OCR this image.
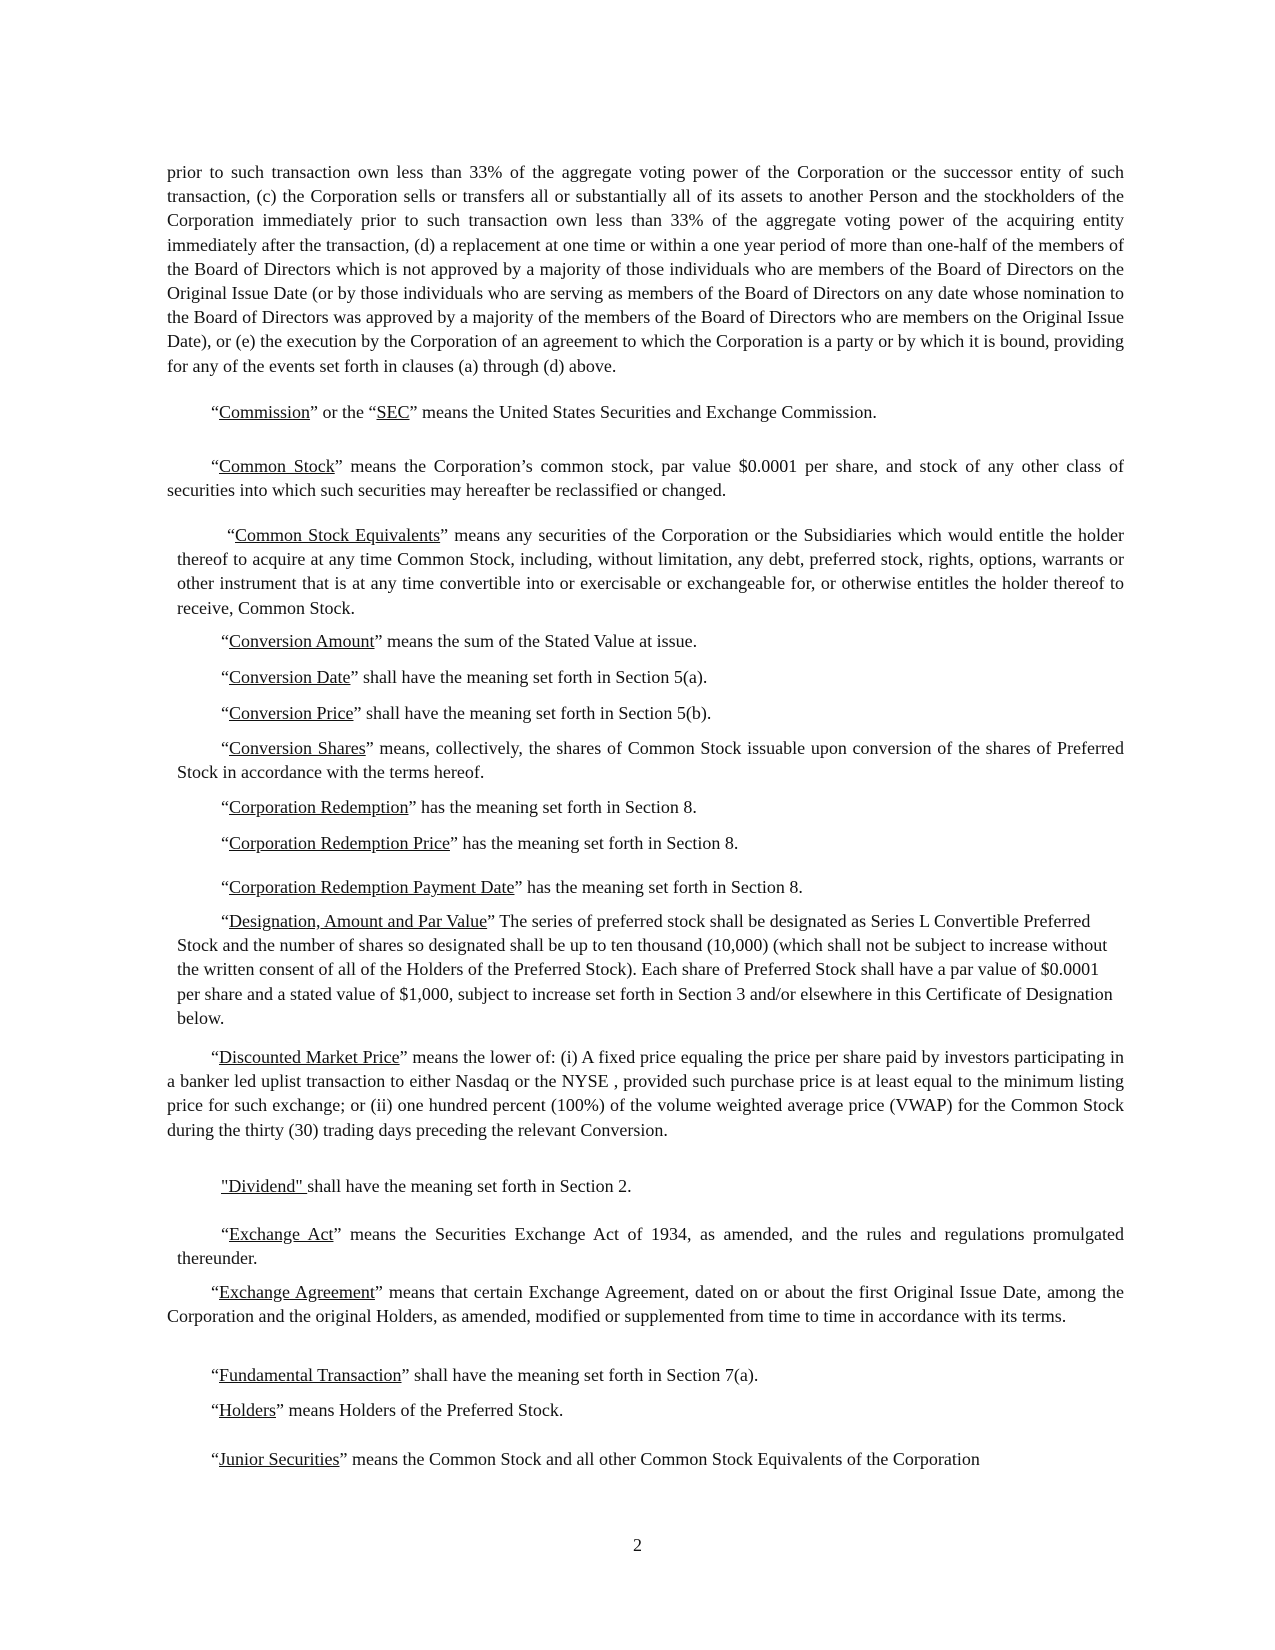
prior to such transaction own less than 33% of the aggregate voting power of the Corporation or the successor entity of such transaction, (c) the Corporation sells or transfers all or substantially all of its assets to another Person and the stockholders of the Corporation immediately prior to such transaction own less than 33% of the aggregate voting power of the acquiring entity immediately after the transaction, (d) a replacement at one time or within a one year period of more than one-half of the members of the Board of Directors which is not approved by a majority of those individuals who are members of the Board of Directors on the Original Issue Date (or by those individuals who are serving as members of the Board of Directors on any date whose nomination to the Board of Directors was approved by a majority of the members of the Board of Directors who are members on the Original Issue Date), or (e) the execution by the Corporation of an agreement to which the Corporation is a party or by which it is bound, providing for any of the events set forth in clauses (a) through (d) above.

“Commission” or the “SEC” means the United States Securities and Exchange Commission.

“Common Stock” means the Corporation’s common stock, par value $0.0001 per share, and stock of any other class of securities into which such securities may hereafter be reclassified or changed.

“Common Stock Equivalents” means any securities of the Corporation or the Subsidiaries which would entitle the holder thereof to acquire at any time Common Stock, including, without limitation, any debt, preferred stock, rights, options, warrants or other instrument that is at any time convertible into or exercisable or exchangeable for, or otherwise entitles the holder thereof to receive, Common Stock.

“Conversion Amount” means the sum of the Stated Value at issue.

“Conversion Date” shall have the meaning set forth in Section 5(a).

“Conversion Price” shall have the meaning set forth in Section 5(b).

“Conversion Shares” means, collectively, the shares of Common Stock issuable upon conversion of the shares of Preferred Stock in accordance with the terms hereof.

“Corporation Redemption” has the meaning set forth in Section 8.

“Corporation Redemption Price” has the meaning set forth in Section 8.

“Corporation Redemption Payment Date” has the meaning set forth in Section 8.

“Designation, Amount and Par Value” The series of preferred stock shall be designated as Series L Convertible Preferred Stock and the number of shares so designated shall be up to ten thousand (10,000) (which shall not be subject to increase without the written consent of all of the Holders of the Preferred Stock). Each share of Preferred Stock shall have a par value of $0.0001 per share and a stated value of $1,000, subject to increase set forth in Section 3 and/or elsewhere in this Certificate of Designation below.

“Discounted Market Price” means the lower of: (i) A fixed price equaling the price per share paid by investors participating in a banker led uplist transaction to either Nasdaq or the NYSE , provided such purchase price is at least equal to the minimum listing price for such exchange; or (ii) one hundred percent (100%) of the volume weighted average price (VWAP) for the Common Stock during the thirty (30) trading days preceding the relevant Conversion.

"Dividend" shall have the meaning set forth in Section 2.

“Exchange Act” means the Securities Exchange Act of 1934, as amended, and the rules and regulations promulgated thereunder.

“Exchange Agreement” means that certain Exchange Agreement, dated on or about the first Original Issue Date, among the Corporation and the original Holders, as amended, modified or supplemented from time to time in accordance with its terms.

“Fundamental Transaction” shall have the meaning set forth in Section 7(a).

“Holders” means Holders of the Preferred Stock.

“Junior Securities” means the Common Stock and all other Common Stock Equivalents of the Corporation

2
